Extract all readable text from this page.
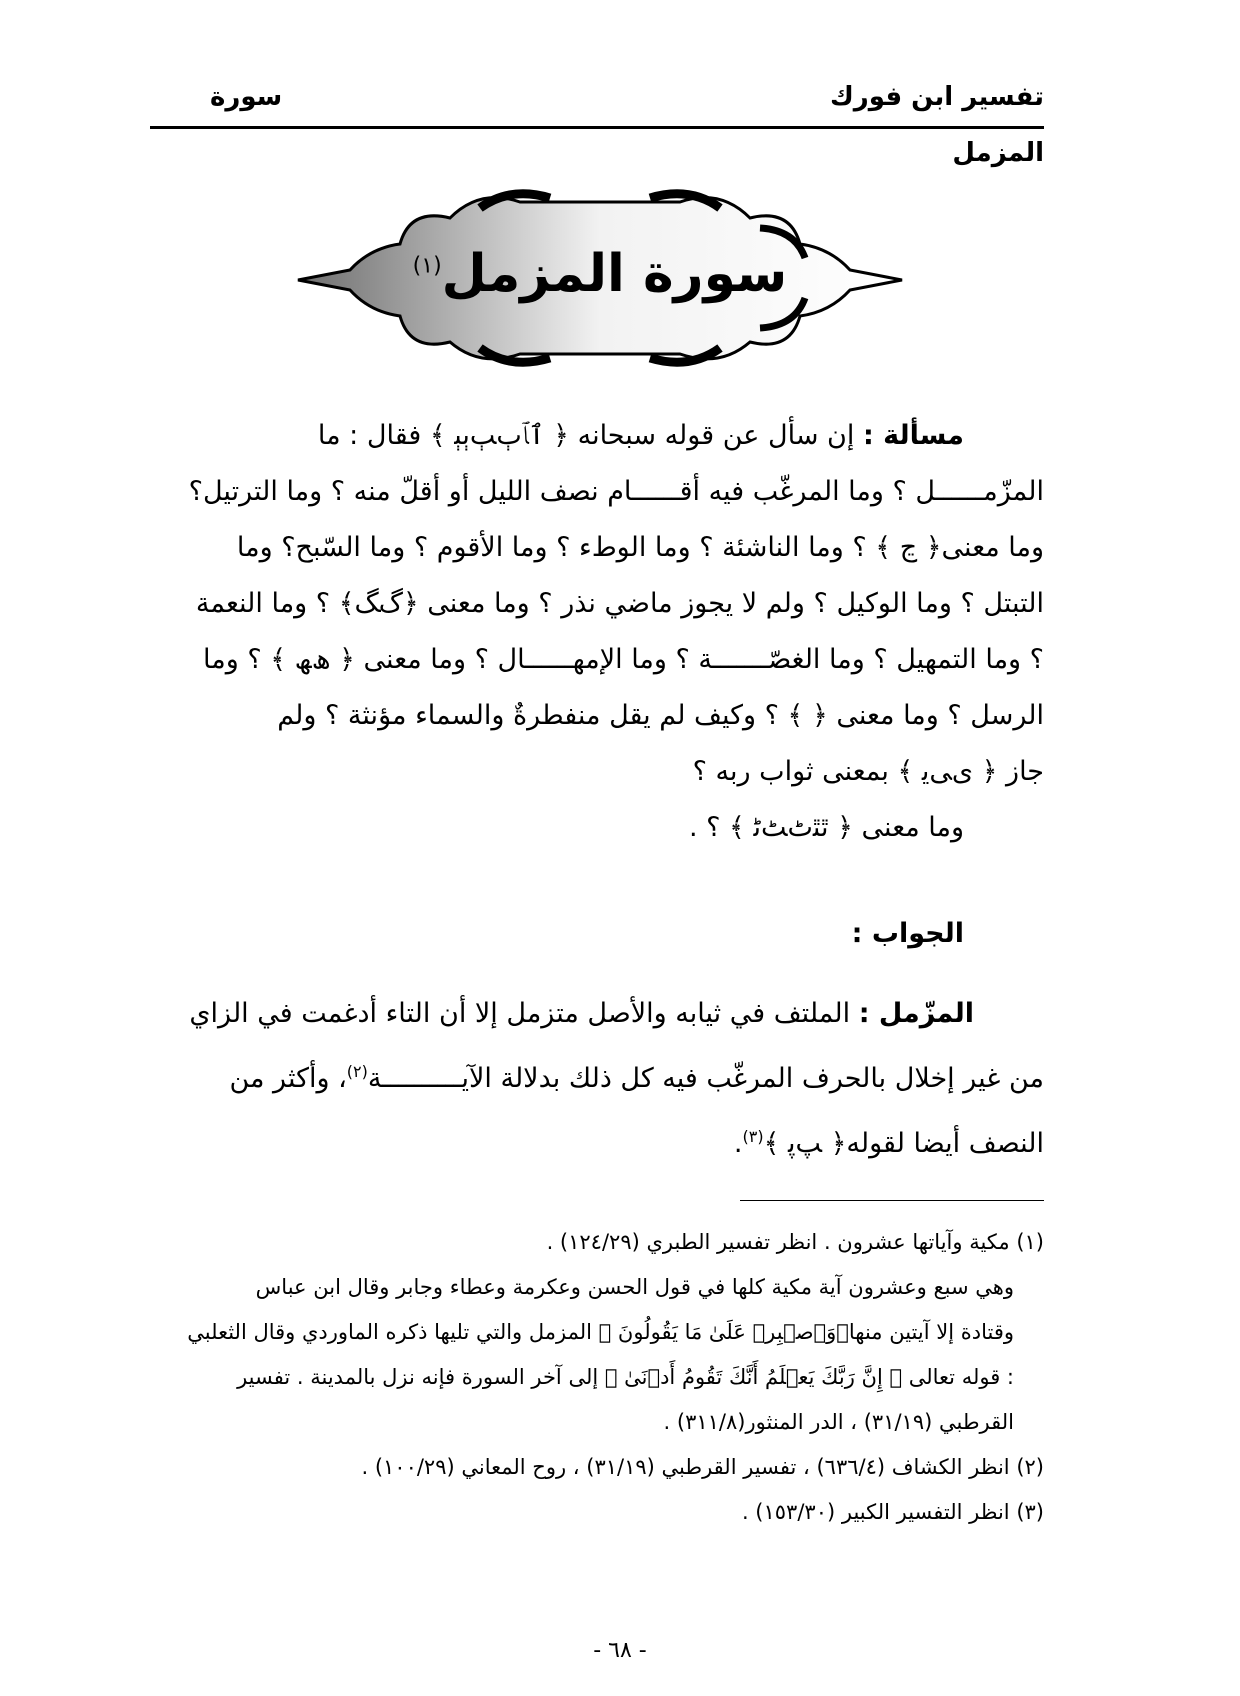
تفسير ابن فورك
سورة
المزمل
سورة المزمل$^{(١)}$

مسألة : إن سأل عن قوله سبحانه ﴿ ٱﭑﭒﭓﭔﭕ ﴾ فقال : ما

المزّمــــــل ؟ وما المرغّب فيه أقــــــام نصف الليل أو أقلّ منه ؟ وما الترتيل؟

وما معنى﴿ ﭶ ﴾ ؟ وما الناشئة ؟ وما الوطء ؟ وما الأقوم ؟ وما السّبح؟ وما

التبتل ؟ وما الوكيل ؟ ولم لا يجوز ماضي نذر ؟ وما معنى ﴿ﮒﮓ﴾ ؟ وما النعمة

؟ وما التمهيل ؟ وما الغصّـــــــة ؟ وما الإمهــــــال ؟ وما معنى ﴿ ﮪﮫ ﴾ ؟ وما

الرسل ؟ وما معنى ﴿ ﴾ ؟ وكيف لم يقل منفطرةٌ والسماء مؤنثة ؟ ولم

جاز ﴿ ﯼﯽﯾ ﴾ بمعنى ثواب ربه ؟

وما معنى ﴿ ﭤﭥﭦﭧﭨ ﴾ ؟ .

الجواب :

المزّمل : الملتف في ثيابه والأصل متزمل إلا أن التاء أدغمت في الزاي

من غير إخلال بالحرف المرغّب فيه كل ذلك بدلالة الآيــــــــــة$^{(٢)}$، وأكثر من

النصف أيضا لقوله﴿ ﭗﭘ ﴾$^{(٣)}$.

(١) مكية وآياتها عشرون . انظر تفسير الطبري (١٢٤/٢٩) .

وهي سبع وعشرون آية مكية كلها في قول الحسن وعكرمة وعطاء وجابر وقال ابن عباس

وقتادة إلا آيتين منها﴿وَٱصۡبِرۡ عَلَىٰ مَا يَقُولُونَ ﴾ المزمل والتي تليها ذكره الماوردي وقال الثعلبي

: قوله تعالى ﴿ إِنَّ رَبَّكَ يَعۡلَمُ أَنَّكَ تَقُومُ أَدۡنَىٰ ﴾ إلى آخر السورة فإنه نزل بالمدينة . تفسير

القرطبي (٣١/١٩) ، الدر المنثور(٣١١/٨) .

(٢) انظر الكشاف (٦٣٦/٤) ، تفسير القرطبي (٣١/١٩) ، روح المعاني (١٠٠/٢٩) .

(٣) انظر التفسير الكبير (١٥٣/٣٠) .

- ٦٨ -
